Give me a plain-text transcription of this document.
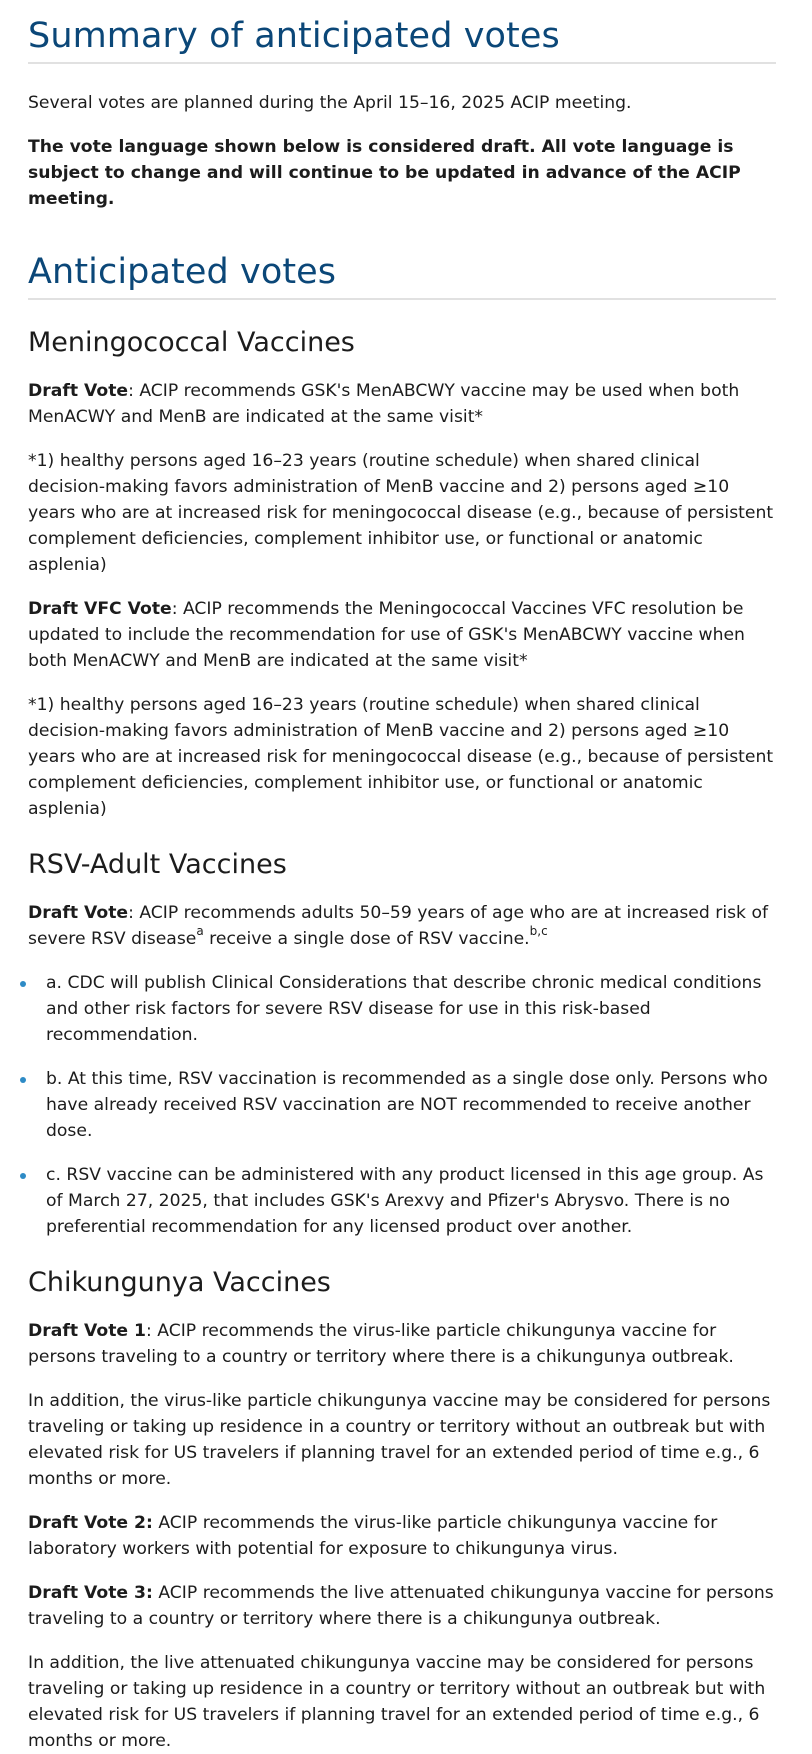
Summary of anticipated votes

Several votes are planned during the April 15–16, 2025 ACIP meeting.

The vote language shown below is considered draft. All vote language is subject to change and will continue to be updated in advance of the ACIP meeting.

Anticipated votes
Meningococcal Vaccines

Draft Vote: ACIP recommends GSK's MenABCWY vaccine may be used when both MenACWY and MenB are indicated at the same visit*

*1) healthy persons aged 16–23 years (routine schedule) when shared clinical decision-making favors administration of MenB vaccine and 2) persons aged ≥10 years who are at increased risk for meningococcal disease (e.g., because of persistent complement deficiencies, complement inhibitor use, or functional or anatomic asplenia)

Draft VFC Vote: ACIP recommends the Meningococcal Vaccines VFC resolution be updated to include the recommendation for use of GSK's MenABCWY vaccine when both MenACWY and MenB are indicated at the same visit*

*1) healthy persons aged 16–23 years (routine schedule) when shared clinical decision-making favors administration of MenB vaccine and 2) persons aged ≥10 years who are at increased risk for meningococcal disease (e.g., because of persistent complement deficiencies, complement inhibitor use, or functional or anatomic asplenia)

RSV-Adult Vaccines

Draft Vote: ACIP recommends adults 50–59 years of age who are at increased risk of severe RSV disease$^a$ receive a single dose of RSV vaccine.$^{b,c}$

a. CDC will publish Clinical Considerations that describe chronic medical conditions and other risk factors for severe RSV disease for use in this risk-based recommendation.
b. At this time, RSV vaccination is recommended as a single dose only. Persons who have already received RSV vaccination are NOT recommended to receive another dose.
c. RSV vaccine can be administered with any product licensed in this age group. As of March 27, 2025, that includes GSK's Arexvy and Pfizer's Abrysvo. There is no preferential recommendation for any licensed product over another.
Chikungunya Vaccines

Draft Vote 1: ACIP recommends the virus-like particle chikungunya vaccine for persons traveling to a country or territory where there is a chikungunya outbreak.

In addition, the virus-like particle chikungunya vaccine may be considered for persons traveling or taking up residence in a country or territory without an outbreak but with elevated risk for US travelers if planning travel for an extended period of time e.g., 6 months or more.

Draft Vote 2: ACIP recommends the virus-like particle chikungunya vaccine for laboratory workers with potential for exposure to chikungunya virus.

Draft Vote 3: ACIP recommends the live attenuated chikungunya vaccine for persons traveling to a country or territory where there is a chikungunya outbreak.

In addition, the live attenuated chikungunya vaccine may be considered for persons traveling or taking up residence in a country or territory without an outbreak but with elevated risk for US travelers if planning travel for an extended period of time e.g., 6 months or more.
